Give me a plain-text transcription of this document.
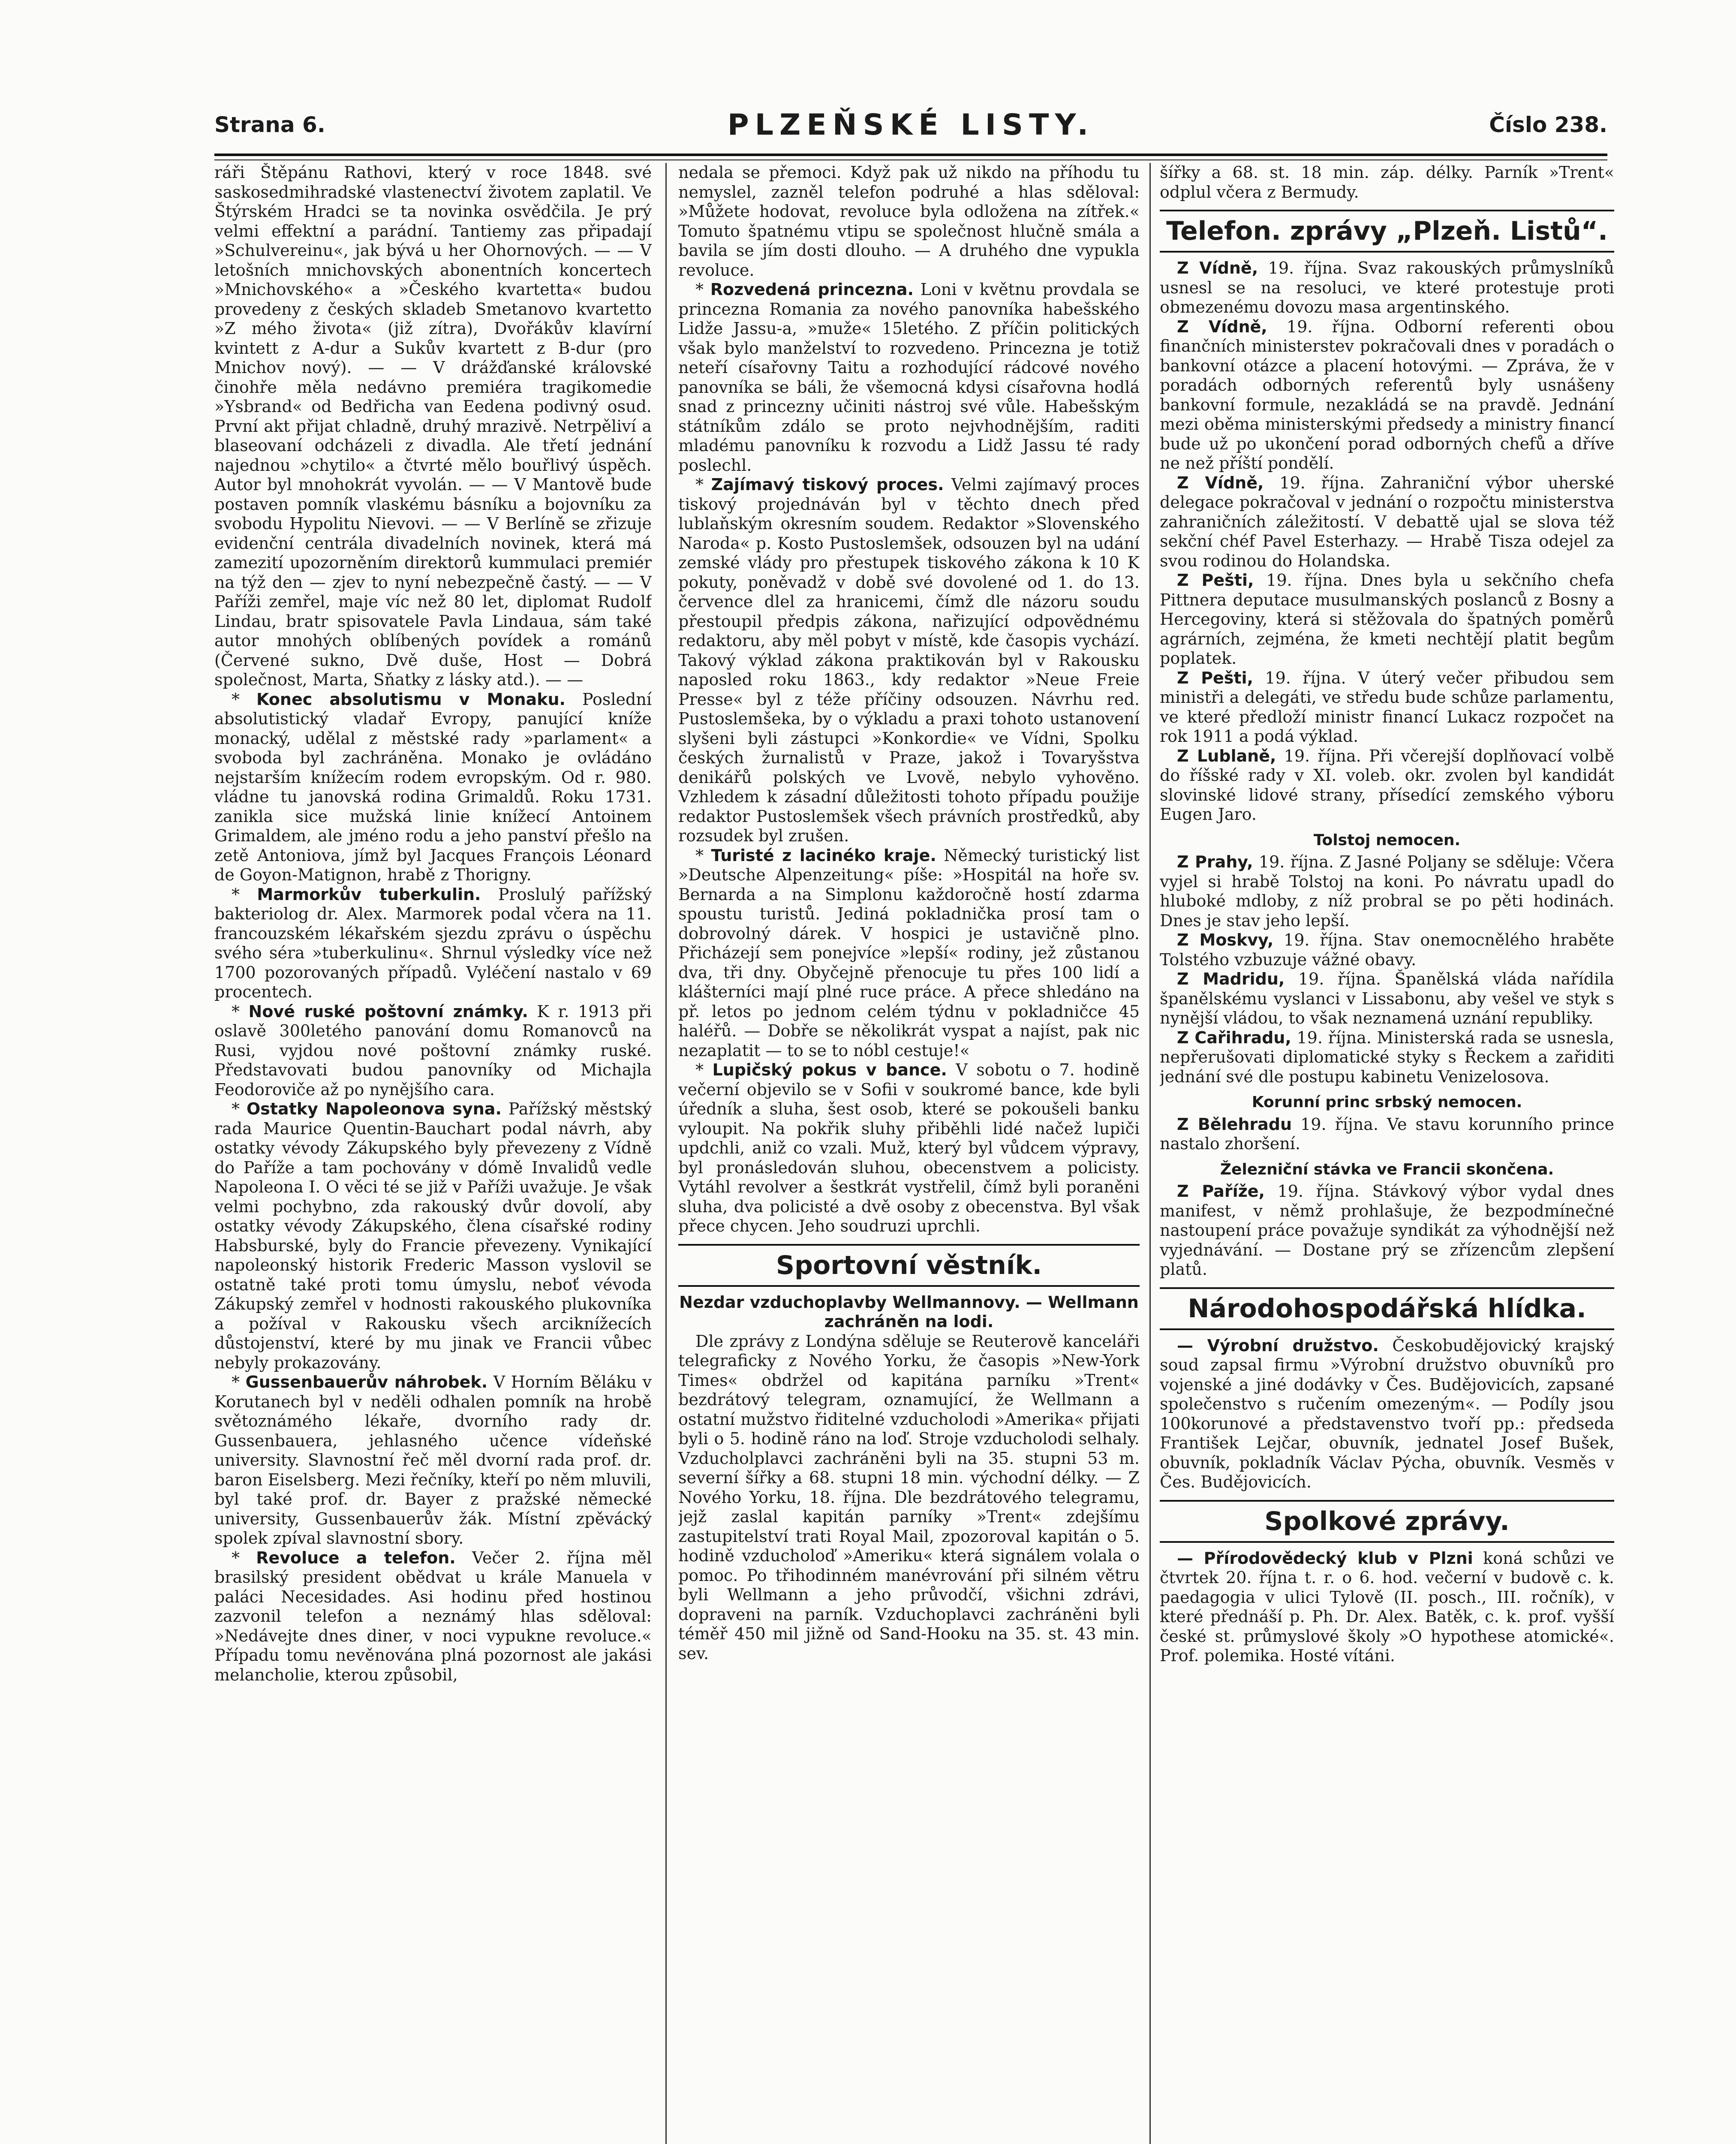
Strana 6.	PLZEŇSKÉ LISTY.	Číslo 238.

ráři Štěpánu Rathovi, který v roce 1848. své saskosedmihradské vlastenectví životem zaplatil. Ve Štýrském Hradci se ta novinka osvědčila. Je prý velmi effektní a parádní. Tantiemy zas připadají »Schulvereinu«, jak bývá u her Ohornových. — — V letošních mnichovských abonentních koncertech »Mnichovského« a »Českého kvartetta« budou provedeny z českých skladeb Smetanovo kvartetto »Z mého života« (již zítra), Dvořákův klavírní kvintett z A-dur a Sukův kvartett z B-dur (pro Mnichov nový). — — V drážďanské královské činohře měla nedávno premiéra tragikomedie »Ysbrand« od Bedřicha van Eedena podivný osud. První akt přijat chladně, druhý mrazivě. Netrpěliví a blaseovaní odcházeli z divadla. Ale třetí jednání najednou »chytilo« a čtvrté mělo bouřlivý úspěch. Autor byl mnohokrát vyvolán. — — V Mantově bude postaven pomník vlaskému básníku a bojovníku za svobodu Hypolitu Nievovi. — — V Berlíně se zřizuje evidenční centrála divadelních novinek, která má zamezití upozorněním direktorů kummulaci premiér na týž den — zjev to nyní nebezpečně častý. — — V Paříži zemřel, maje víc než 80 let, diplomat Rudolf Lindau, bratr spisovatele Pavla Lindaua, sám také autor mnohých oblíbených povídek a románů (Červené sukno, Dvě duše, Host — Dobrá společnost, Marta, Sňatky z lásky atd.). — —

* Konec absolutismu v Monaku. Poslední absolutistický vladař Evropy, panující kníže monacký, udělal z městské rady »parlament« a svoboda byl zachráněna. Monako je ovládáno nejstarším knížecím rodem evropským. Od r. 980. vládne tu janovská rodina Grimaldů. Roku 1731. zanikla sice mužská linie knížecí Antoinem Grimaldem, ale jméno rodu a jeho panství přešlo na zetě Antoniova, jímž byl Jacques François Léonard de Goyon-Matignon, hrabě z Thorigny.

* Marmorkův tuberkulin. Proslulý pařížský bakteriolog dr. Alex. Marmorek podal včera na 11. francouzském lékařském sjezdu zprávu o úspěchu svého séra »tuberkulinu«. Shrnul výsledky více než 1700 pozorovaných případů. Vyléčení nastalo v 69 procentech.

* Nové ruské poštovní známky. K r. 1913 při oslavě 300letého panování domu Romanovců na Rusi, vyjdou nové poštovní známky ruské. Představovati budou panovníky od Michajla Feodoroviče až po nynějšího cara.

* Ostatky Napoleonova syna. Pařížský městský rada Maurice Quentin-Bauchart podal návrh, aby ostatky vévody Zákupského byly převezeny z Vídně do Paříže a tam pochovány v dómě Invalidů vedle Napoleona I. O věci té se již v Paříži uvažuje. Je však velmi pochybno, zda rakouský dvůr dovolí, aby ostatky vévody Zákupského, člena císařské rodiny Habsburské, byly do Francie převezeny. Vynikající napoleonský historik Frederic Masson vyslovil se ostatně také proti tomu úmyslu, neboť vévoda Zákupský zemřel v hodnosti rakouského plukovníka a požíval v Rakousku všech arciknížecích důstojenství, které by mu jinak ve Francii vůbec nebyly prokazovány.

* Gussenbauerův náhrobek. V Horním Běláku v Korutanech byl v neděli odhalen pomník na hrobě světoznámého lékaře, dvorního rady dr. Gussenbauera, jehlasného učence vídeňské university. Slavnostní řeč měl dvorní rada prof. dr. baron Eiselsberg. Mezi řečníky, kteří po něm mluvili, byl také prof. dr. Bayer z pražské německé university, Gussenbauerův žák. Místní zpěvácký spolek zpíval slavnostní sbory.

* Revoluce a telefon. Večer 2. října měl brasilský president obědvat u krále Manuela v paláci Necesidades. Asi hodinu před hostinou zazvonil telefon a neznámý hlas sděloval: »Nedávejte dnes diner, v noci vypukne revoluce.« Případu tomu nevěnována plná pozornost ale jakási melancholie, kterou způsobil,

nedala se přemoci. Když pak už nikdo na příhodu tu nemyslel, zazněl telefon podruhé a hlas sděloval: »Můžete hodovat, revoluce byla odložena na zítřek.« Tomuto špatnému vtipu se společnost hlučně smála a bavila se jím dosti dlouho. — A druhého dne vypukla revoluce.

* Rozvedená princezna. Loni v květnu provdala se princezna Romania za nového panovníka habešského Lidže Jassu-a, »muže« 15letého. Z příčin politických však bylo manželství to rozvedeno. Princezna je totiž neteří císařovny Taitu a rozhodující rádcové nového panovníka se báli, že všemocná kdysi císařovna hodlá snad z princezny učiniti nástroj své vůle. Habešským státníkům zdálo se proto nejvhodnějším, raditi mladému panovníku k rozvodu a Lidž Jassu té rady poslechl.

* Zajímavý tiskový proces. Velmi zajímavý proces tiskový projednáván byl v těchto dnech před lublaňským okresním soudem. Redaktor »Slovenského Naroda« p. Kosto Pustoslemšek, odsouzen byl na udání zemské vlády pro přestupek tiskového zákona k 10 K pokuty, poněvadž v době své dovolené od 1. do 13. července dlel za hranicemi, čímž dle názoru soudu přestoupil předpis zákona, nařizující odpovědnému redaktoru, aby měl pobyt v místě, kde časopis vychází. Takový výklad zákona praktikován byl v Rakousku naposled roku 1863., kdy redaktor »Neue Freie Presse« byl z téže příčiny odsouzen. Návrhu red. Pustoslemšeka, by o výkladu a praxi tohoto ustanovení slyšeni byli zástupci »Konkordie« ve Vídni, Spolku českých žurnalistů v Praze, jakož i Tovaryšstva denikářů polských ve Lvově, nebylo vyhověno. Vzhledem k zásadní důležitosti tohoto případu použije redaktor Pustoslemšek všech právních prostředků, aby rozsudek byl zrušen.

* Turisté z lacinéko kraje. Německý turistický list »Deutsche Alpenzeitung« píše: »Hospitál na hoře sv. Bernarda a na Simplonu každoročně hostí zdarma spoustu turistů. Jediná pokladnička prosí tam o dobrovolný dárek. V hospici je ustavičně plno. Přicházejí sem ponejvíce »lepší« rodiny, jež zůstanou dva, tři dny. Obyčejně přenocuje tu přes 100 lidí a klášterníci mají plné ruce práce. A přece shledáno na př. letos po jednom celém týdnu v pokladničce 45 haléřů. — Dobře se několikrát vyspat a najíst, pak nic nezaplatit — to se to nóbl cestuje!«

* Lupičský pokus v bance. V sobotu o 7. hodině večerní objevilo se v Sofii v soukromé bance, kde byli úředník a sluha, šest osob, které se pokoušeli banku vyloupit. Na pokřik sluhy přiběhli lidé načež lupiči updchli, aniž co vzali. Muž, který byl vůdcem výpravy, byl pronásledován sluhou, obecenstvem a policisty. Vytáhl revolver a šestkrát vystřelil, čímž byli poraněni sluha, dva policisté a dvě osoby z obecenstva. Byl však přece chycen. Jeho soudruzi uprchli.

Sportovní věstník.
Nezdar vzduchoplavby Wellmannovy. — Wellmann zachráněn na lodi.

Dle zprávy z Londýna sděluje se Reuterově kanceláři telegraficky z Nového Yorku, že časopis »New-York Times« obdržel od kapitána parníku »Trent« bezdrátový telegram, oznamující, že Wellmann a ostatní mužstvo řiditelné vzducholodi »Amerika« přijati byli o 5. hodině ráno na loď. Stroje vzducholodi selhaly. Vzducholplavci zachráněni byli na 35. stupni 53 m. severní šířky a 68. stupni 18 min. východní délky. — Z Nového Yorku, 18. října. Dle bezdrátového telegramu, jejž zaslal kapitán parníky »Trent« zdejšímu zastupitelství trati Royal Mail, zpozoroval kapitán o 5. hodině vzducholoď »Ameriku« která signálem volala o pomoc. Po třihodinném manévrování při silném větru byli Wellmann a jeho průvodčí, všichni zdrávi, dopraveni na parník. Vzduchoplavci zachráněni byli téměř 450 mil jižně od Sand-Hooku na 35. st. 43 min. sev.

šířky a 68. st. 18 min. záp. délky. Parník »Trent« odplul včera z Bermudy.

Telefon. zprávy „Plzeň. Listů“.

Z Vídně, 19. října. Svaz rakouských průmyslníků usnesl se na resoluci, ve které protestuje proti obmezenému dovozu masa argentinského.

Z Vídně, 19. října. Odborní referenti obou finančních ministerstev pokračovali dnes v poradách o bankovní otázce a placení hotovými. — Zpráva, že v poradách odborných referentů byly usnášeny bankovní formule, nezakládá se na pravdě. Jednání mezi oběma ministerskými předsedy a ministry financí bude už po ukončení porad odborných chefů a dříve ne než příští pondělí.

Z Vídně, 19. října. Zahraniční výbor uherské delegace pokračoval v jednání o rozpočtu ministerstva zahraničních záležitostí. V debattě ujal se slova též sekční chéf Pavel Esterhazy. — Hrabě Tisza odejel za svou rodinou do Holandska.

Z Pešti, 19. října. Dnes byla u sekčního chefa Pittnera deputace musulmanských poslanců z Bosny a Hercegoviny, která si stěžovala do špatných poměrů agrárních, zejména, že kmeti nechtějí platit begům poplatek.

Z Pešti, 19. října. V úterý večer přibudou sem ministři a delegáti, ve středu bude schůze parlamentu, ve které předloží ministr financí Lukacz rozpočet na rok 1911 a podá výklad.

Z Lublaně, 19. října. Při včerejší doplňovací volbě do říšské rady v XI. voleb. okr. zvolen byl kandidát slovinské lidové strany, přísedící zemského výboru Eugen Jaro.

Tolstoj nemocen.

Z Prahy, 19. října. Z Jasné Poljany se sděluje: Včera vyjel si hrabě Tolstoj na koni. Po návratu upadl do hluboké mdloby, z níž probral se po pěti hodinách. Dnes je stav jeho lepší.

Z Moskvy, 19. října. Stav onemocnělého hraběte Tolstého vzbuzuje vážné obavy.

Z Madridu, 19. října. Španělská vláda nařídila španělskému vyslanci v Lissabonu, aby vešel ve styk s nynější vládou, to však neznamená uznání republiky.

Z Cařihradu, 19. října. Ministerská rada se usnesla, nepřerušovati diplomatické styky s Řeckem a zařiditi jednání své dle postupu kabinetu Venizelosova.

Korunní princ srbský nemocen.

Z Bělehradu 19. října. Ve stavu korunního prince nastalo zhoršení.

Železniční stávka ve Francii skončena.

Z Paříže, 19. října. Stávkový výbor vydal dnes manifest, v němž prohlašuje, že bezpodmínečné nastoupení práce považuje syndikát za výhodnější než vyjednávání. — Dostane prý se zřízencům zlepšení platů.

Národohospodářská hlídka.

— Výrobní družstvo. Českobudějovický krajský soud zapsal firmu »Výrobní družstvo obuvníků pro vojenské a jiné dodávky v Čes. Budějovicích, zapsané společenstvo s ručením omezeným«. — Podíly jsou 100korunové a představenstvo tvoří pp.: předseda František Lejčar, obuvník, jednatel Josef Bušek, obuvník, pokladník Václav Pýcha, obuvník. Vesměs v Čes. Budějovicích.

Spolkové zprávy.

— Přírodovědecký klub v Plzni koná schůzi ve čtvrtek 20. října t. r. o 6. hod. večerní v budově c. k. paedagogia v ulici Tylově (II. posch., III. ročník), v které přednáší p. Ph. Dr. Alex. Batěk, c. k. prof. vyšší české st. průmyslové školy »O hypothese atomické«. Prof. polemika. Hosté vítáni.
